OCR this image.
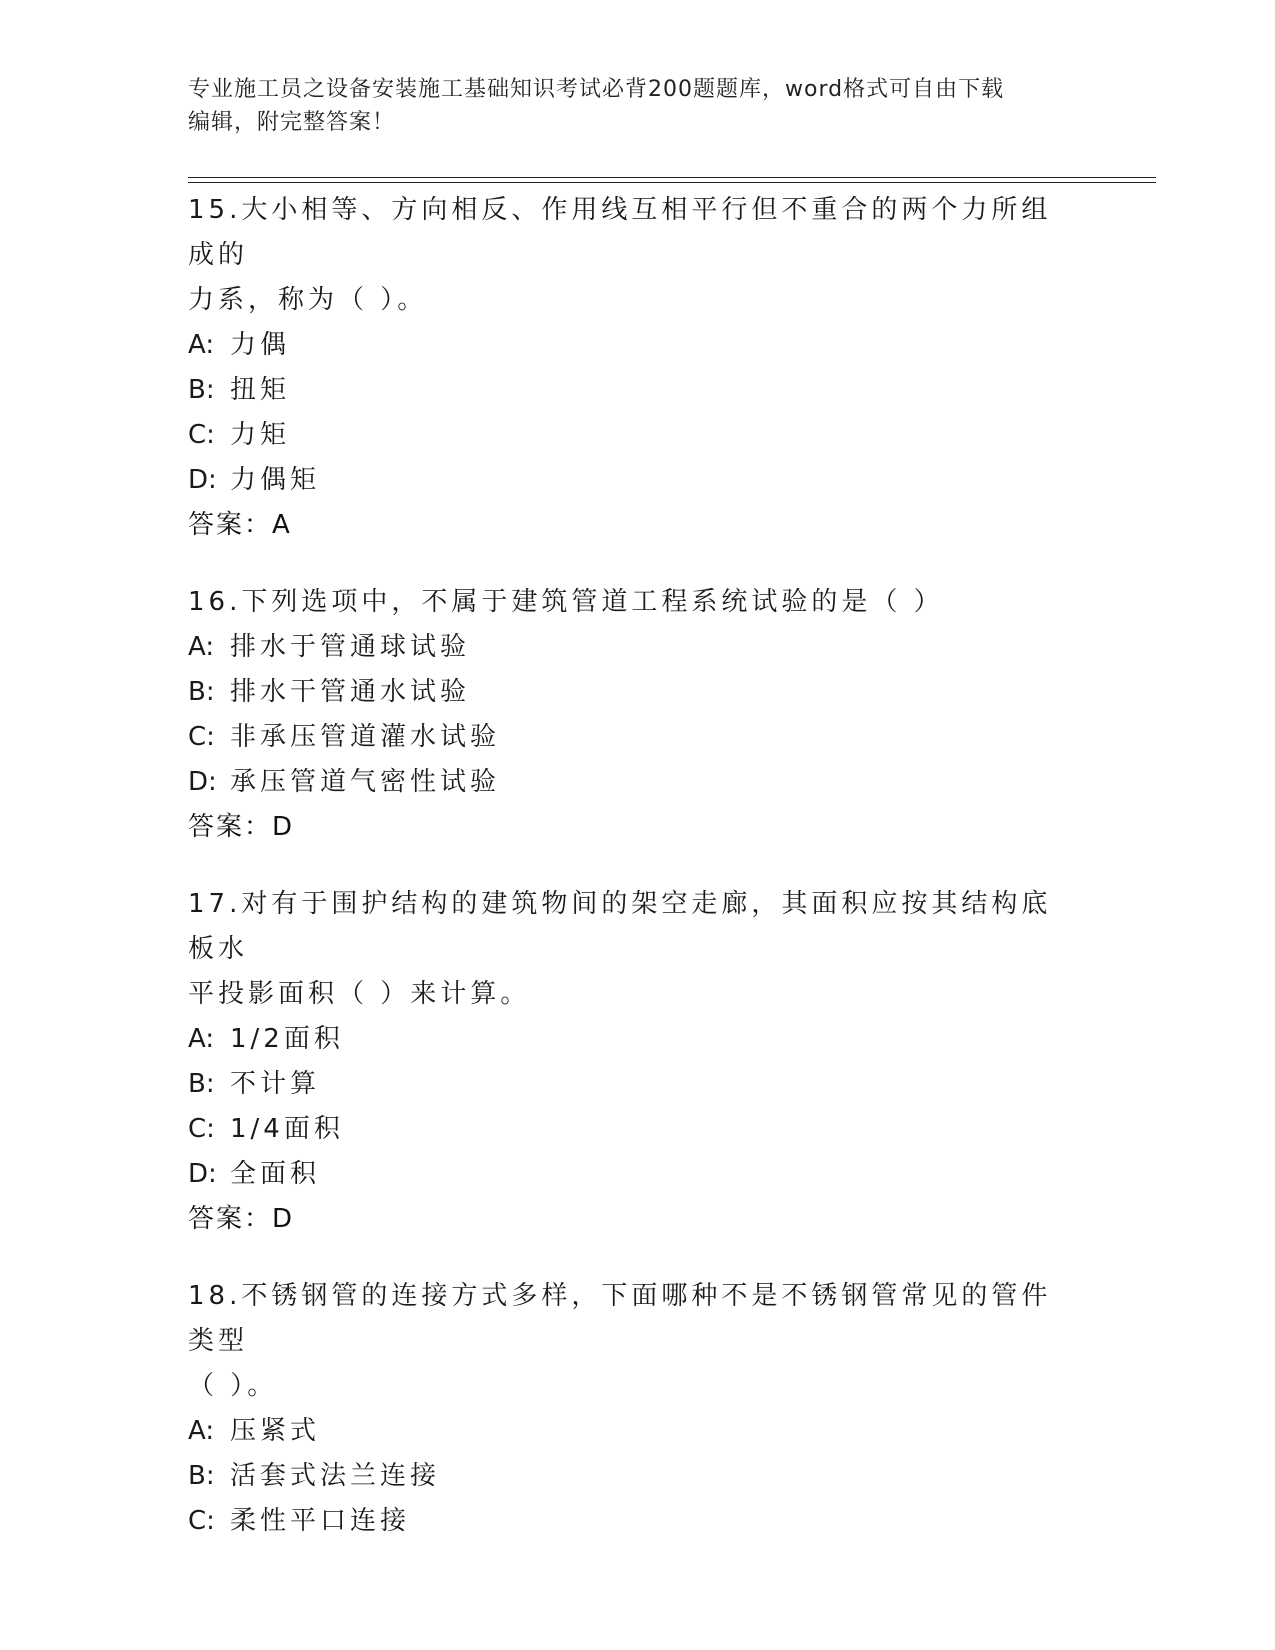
专业施工员之设备安装施工基础知识考试必背200题题库，word格式可自由下载
编辑，附完整答案！
15.大小相等、方向相反、作用线互相平行但不重合的两个力所组成的
力系，称为（ ）。
A: 力偶
B: 扭矩
C: 力矩
D: 力偶矩
答案：A
16.下列选项中，不属于建筑管道工程系统试验的是（ ）
A: 排水于管通球试验
B: 排水干管通水试验
C: 非承压管道灌水试验
D: 承压管道气密性试验
答案：D
17.对有于围护结构的建筑物间的架空走廊，其面积应按其结构底板水
平投影面积（ ）来计算。
A: 1/2面积
B: 不计算
C: 1/4面积
D: 全面积
答案：D
18.不锈钢管的连接方式多样，下面哪种不是不锈钢管常见的管件类型
（ ）。
A: 压紧式
B: 活套式法兰连接
C: 柔性平口连接
